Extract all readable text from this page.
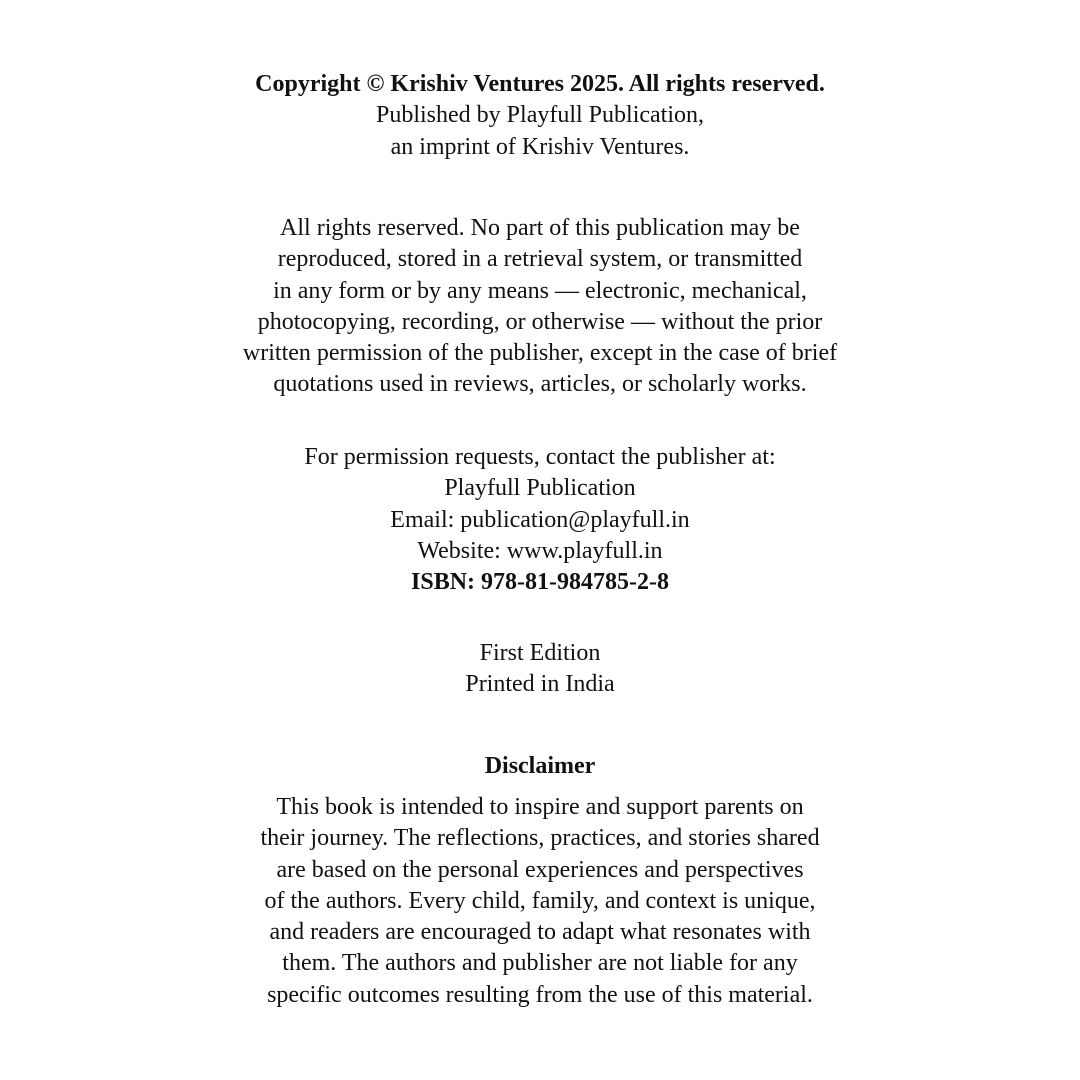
Copyright © Krishiv Ventures 2025. All rights reserved.
Published by Playfull Publication,
an imprint of Krishiv Ventures.
All rights reserved. No part of this publication may be
reproduced, stored in a retrieval system, or transmitted
in any form or by any means — electronic, mechanical,
photocopying, recording, or otherwise — without the prior
written permission of the publisher, except in the case of brief
quotations used in reviews, articles, or scholarly works.
For permission requests, contact the publisher at:
Playfull Publication
Email: publication@playfull.in
Website: www.playfull.in
ISBN: 978-81-984785-2-8
First Edition
Printed in India
Disclaimer
This book is intended to inspire and support parents on
their journey. The reflections, practices, and stories shared
are based on the personal experiences and perspectives
of the authors. Every child, family, and context is unique,
and readers are encouraged to adapt what resonates with
them. The authors and publisher are not liable for any
specific outcomes resulting from the use of this material.
